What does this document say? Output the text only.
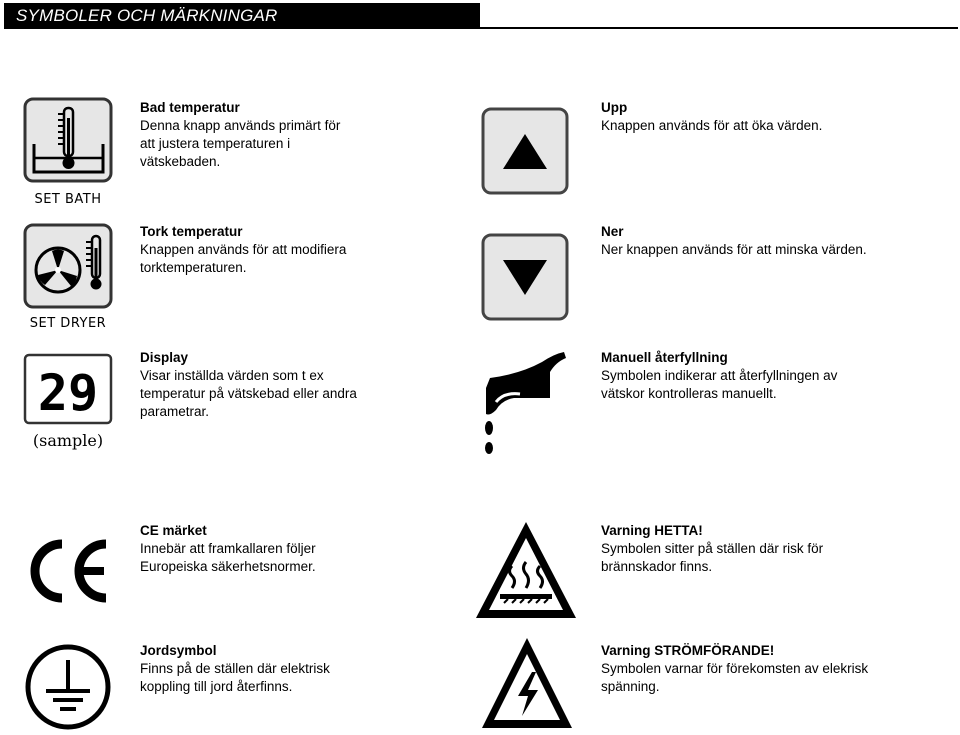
SYMBOLER OCH MÄRKNINGAR
SET BATH
Bad temperatur
Denna knapp används primärt för
att justera temperaturen i
vätskebaden.
Upp
Knappen används för att öka värden.
SET DRYER
Tork temperatur
Knappen används för att modifiera
torktemperaturen.
Ner
Ner knappen används för att minska värden.
29
(sample)
Display
Visar inställda värden som t ex
temperatur på vätskebad eller andra
parametrar.
Manuell återfyllning
Symbolen indikerar att återfyllningen av
vätskor kontrolleras manuellt.
CE märket
Innebär att framkallaren följer
Europeiska säkerhetsnormer.
Varning HETTA!
Symbolen sitter på ställen där risk för
brännskador finns.
Jordsymbol
Finns på de ställen där elektrisk
koppling till jord återfinns.
Varning STRÖMFÖRANDE!
Symbolen varnar för förekomsten av elekrisk
spänning.
